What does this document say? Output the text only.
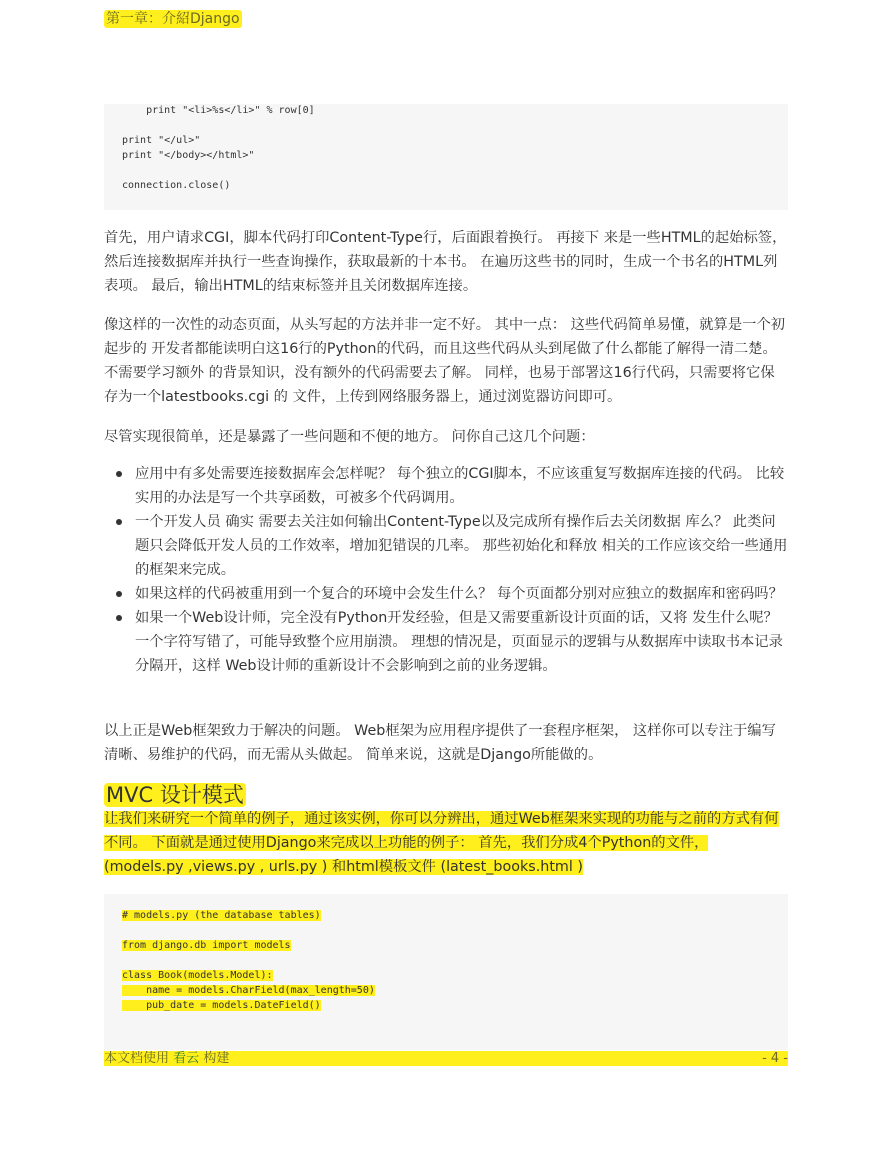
第一章：介紹Django
print "<li>%s</li>" % row[0]
print "</ul>"
print "</body></html>"
connection.close()

首先，用户请求CGI，脚本代码打印Content-Type行，后面跟着换行。 再接下 来是一些HTML的起始标签，然后连接数据库并执行一些查询操作，获取最新的十本书。 在遍历这些书的同时，生成一个书名的HTML列表项。 最后，输出HTML的结束标签并且关闭数据库连接。

像这样的一次性的动态页面，从头写起的方法并非一定不好。 其中一点： 这些代码简单易懂，就算是一个初起步的 开发者都能读明白这16行的Python的代码，而且这些代码从头到尾做了什么都能了解得一清二楚。 不需要学习额外 的背景知识，没有额外的代码需要去了解。 同样，也易于部署这16行代码，只需要将它保存为一个latestbooks.cgi 的 文件，上传到网络服务器上，通过浏览器访问即可。

尽管实现很简单，还是暴露了一些问题和不便的地方。 问你自己这几个问题：

应用中有多处需要连接数据库会怎样呢？ 每个独立的CGI脚本，不应该重复写数据库连接的代码。 比较实用的办法是写一个共享函数，可被多个代码调用。
一个开发人员 确实 需要去关注如何输出Content-Type以及完成所有操作后去关闭数据 库么？ 此类问题只会降低开发人员的工作效率，增加犯错误的几率。 那些初始化和释放 相关的工作应该交给一些通用的框架来完成。
如果这样的代码被重用到一个复合的环境中会发生什么？ 每个页面都分别对应独立的数据库和密码吗？
如果一个Web设计师，完全没有Python开发经验，但是又需要重新设计页面的话，又将 发生什么呢？ 一个字符写错了，可能导致整个应用崩溃。 理想的情况是，页面显示的逻辑与从数据库中读取书本记录分隔开，这样 Web设计师的重新设计不会影响到之前的业务逻辑。

以上正是Web框架致力于解决的问题。 Web框架为应用程序提供了一套程序框架， 这样你可以专注于编写清晰、易维护的代码，而无需从头做起。 简单来说，这就是Django所能做的。

MVC 设计模式

让我们来研究一个简单的例子，通过该实例，你可以分辨出，通过Web框架来实现的功能与之前的方式有何不同。 下面就是通过使用Django来完成以上功能的例子： 首先，我们分成4个Python的文件，(models.py ,views.py , urls.py ) 和html模板文件 (latest_books.html )

# models.py (the database tables)
from django.db import models
class Book(models.Model):
name = models.CharField(max_length=50)
pub_date = models.DateField()
本文档使用 看云 构建	- 4 -
